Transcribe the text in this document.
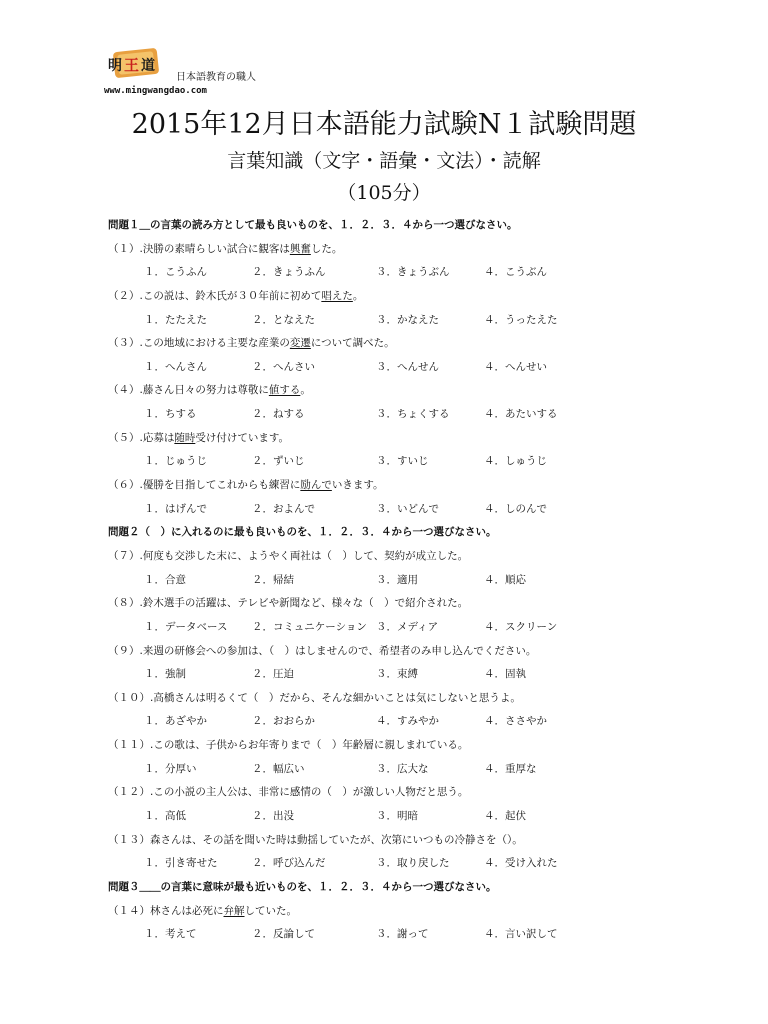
明 王 道
日本語教育の職人
www.mingwangdao.com
2015年12月日本語能力試験N１試験問題
言葉知識（文字・語彙・文法）・読解
（105分）
問題１＿の言葉の読み方として最も良いものを、１．２．３．４から一つ選びなさい。
（１）.決勝の素晴らしい試合に観客は興奮した。
１．こうふん	２．きょうふん	３．きょうぶん	４．こうぶん
（２）.この説は、鈴木氏が３０年前に初めて唱えた。
１．たたえた	２．となえた	３．かなえた	４．うったえた
（３）.この地域における主要な産業の変遷について調べた。
１．へんさん	２．へんさい	３．へんせん	４．へんせい
（４）.藤さん日々の努力は尊敬に値する。
１．ちする	２．ねする	３．ちょくする	４．あたいする
（５）.応募は随時受け付けています。
１．じゅうじ	２．ずいじ	３．すいじ	４．しゅうじ
（６）.優勝を目指してこれからも練習に励んでいきます。
１．はげんで	２．およんで	３．いどんで	４．しのんで
問題２（　）に入れるのに最も良いものを、１．２．３．４から一つ選びなさい。
（７）.何度も交渉した末に、ようやく両社は（　）して、契約が成立した。
１．合意	２．帰結	３．適用	４．順応
（８）.鈴木選手の活躍は、テレビや新聞など、様々な（　）で紹介された。
１．データベース ２．コミュニケーション ３．メディア	４．スクリーン
（９）.来週の研修会への参加は、（　）はしませんので、希望者のみ申し込んでください。
１．強制	２．圧迫	３．束縛	４．固執
（１０）.高橋さんは明るくて（　）だから、そんな細かいことは気にしないと思うよ。
１．あざやか	２．おおらか	４．すみやか	４．ささやか
（１１）.この歌は、子供からお年寄りまで（　）年齢層に親しまれている。
１．分厚い	２．幅広い	３．広大な	４．重厚な
（１２）.この小説の主人公は、非常に感情の（　）が激しい人物だと思う。
１．高低	２．出没	３．明暗	４．起伏
（１３）森さんは、その話を聞いた時は動揺していたが、次第にいつもの冷静さを（）。
１．引き寄せた	２．呼び込んだ	３．取り戻した	４．受け入れた
問題３＿＿の言葉に意味が最も近いものを、１．２．３．４から一つ選びなさい。
（１４）林さんは必死に弁解していた。
１．考えて	２．反論して	３．謝って	４．言い訳して
